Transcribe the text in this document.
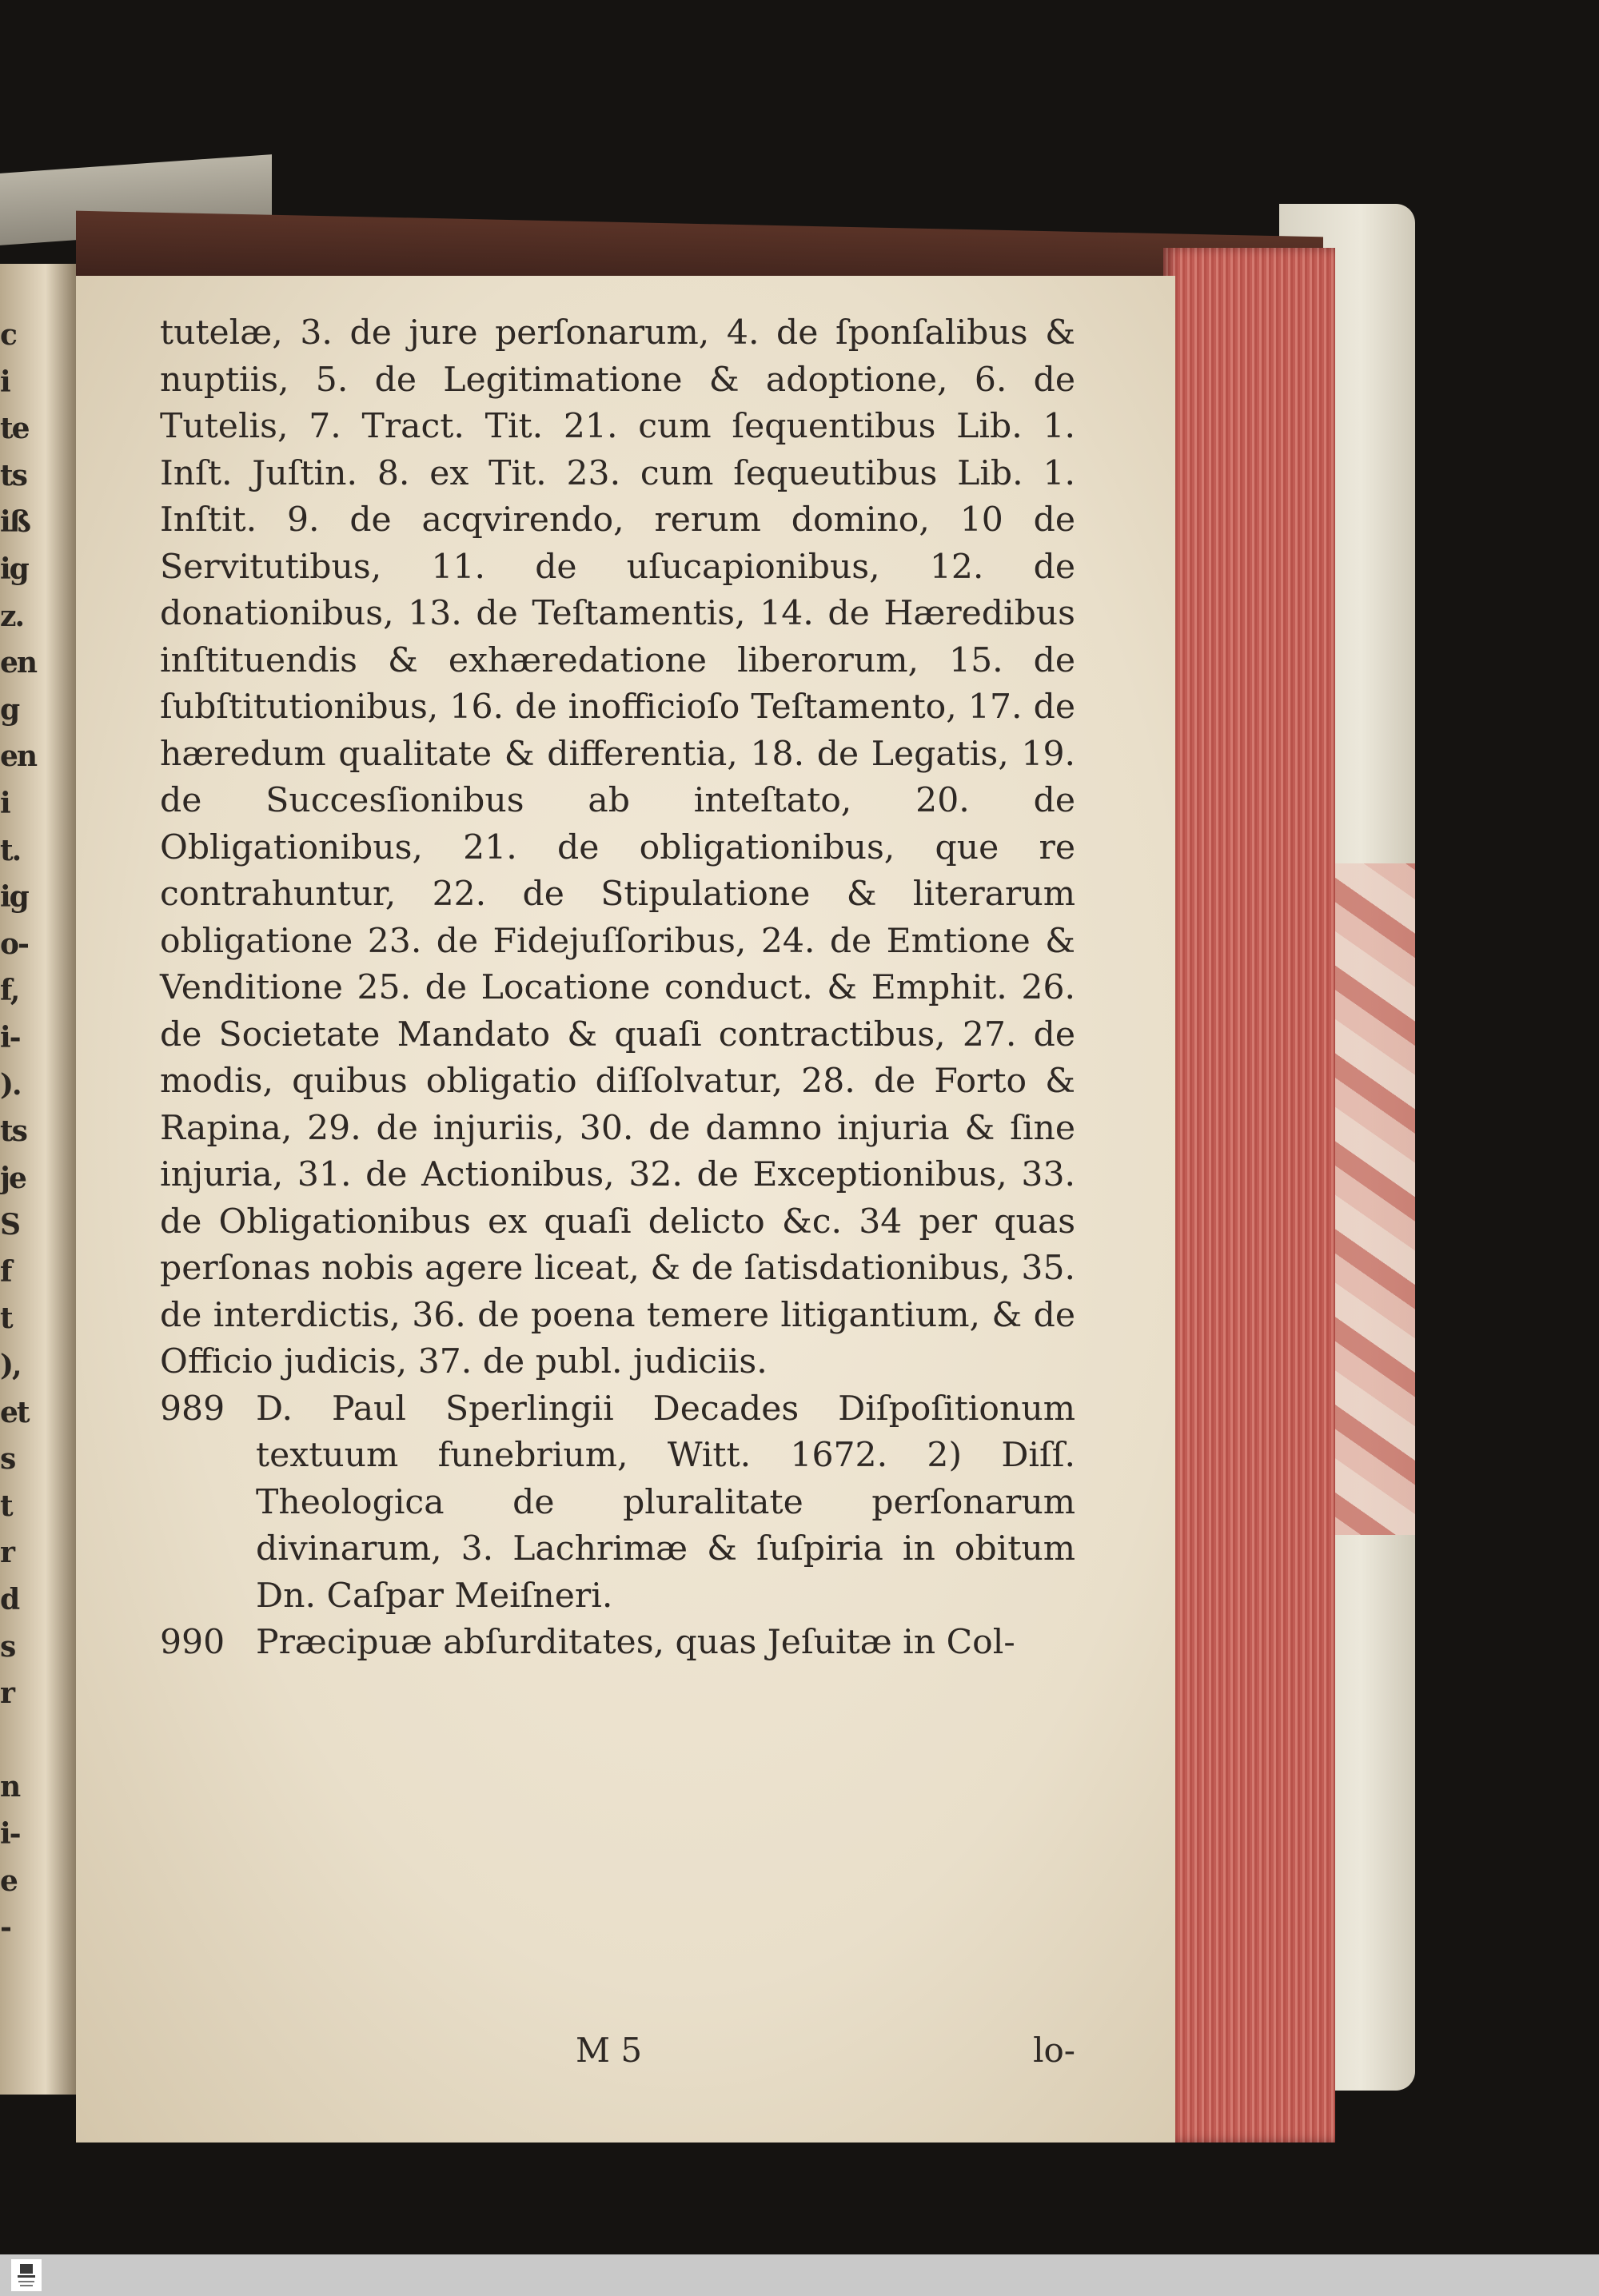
c
i
te
ts
iß
ig
z.
en
g
en
i
t.
ig
o-
f,
i-
).
ts
je
S
f
t
),
et
s
t
r
d
s
r
n
i-
e
-

tutelæ, 3. de jure perſonarum, 4. de ſponſalibus & nuptiis, 5. de Legitimatione & adoptione, 6. de Tutelis, 7. Tract. Tit. 21. cum ſequentibus Lib. 1. Inſt. Juſtin. 8. ex Tit. 23. cum ſequeutibus Lib. 1. Inſtit. 9. de acqvirendo, rerum domino, 10 de Servitutibus, 11. de uſucapionibus, 12. de donationibus, 13. de Teſtamentis, 14. de Hæredibus inſtituendis & exhæredatione liberorum, 15. de ſubſtitutionibus, 16. de inofficioſo Teſtamento, 17. de hæredum qualitate & differentia, 18. de Legatis, 19. de Succesſionibus ab inteſtato, 20. de Obligationibus, 21. de obligationibus, que re contrahuntur, 22. de Stipulatione & literarum obligatione 23. de Fidejuſſoribus, 24. de Emtione & Venditione 25. de Locatione conduct. & Emphit. 26. de Societate Mandato & quaſi contractibus, 27. de modis, quibus obligatio diſſolvatur, 28. de Forto & Rapina, 29. de injuriis, 30. de damno injuria & ſine injuria, 31. de Actionibus, 32. de Exceptionibus, 33. de Obligationibus ex quaſi delicto &c. 34 per quas perſonas nobis agere liceat, & de ſatisdationibus, 35. de interdictis, 36. de poena temere litigantium, & de Officio judicis, 37. de publ. judiciis.

989 D. Paul Sperlingii Decades Diſpoſitionum textuum funebrium, Witt. 1672. 2) Diſſ. Theologica de pluralitate perſonarum divinarum, 3. Lachrimæ & ſuſpiria in obitum Dn. Caſpar Meiſneri.

990 Præcipuæ abſurditates, quas Jeſuitæ in Col-

M 5	lo-
